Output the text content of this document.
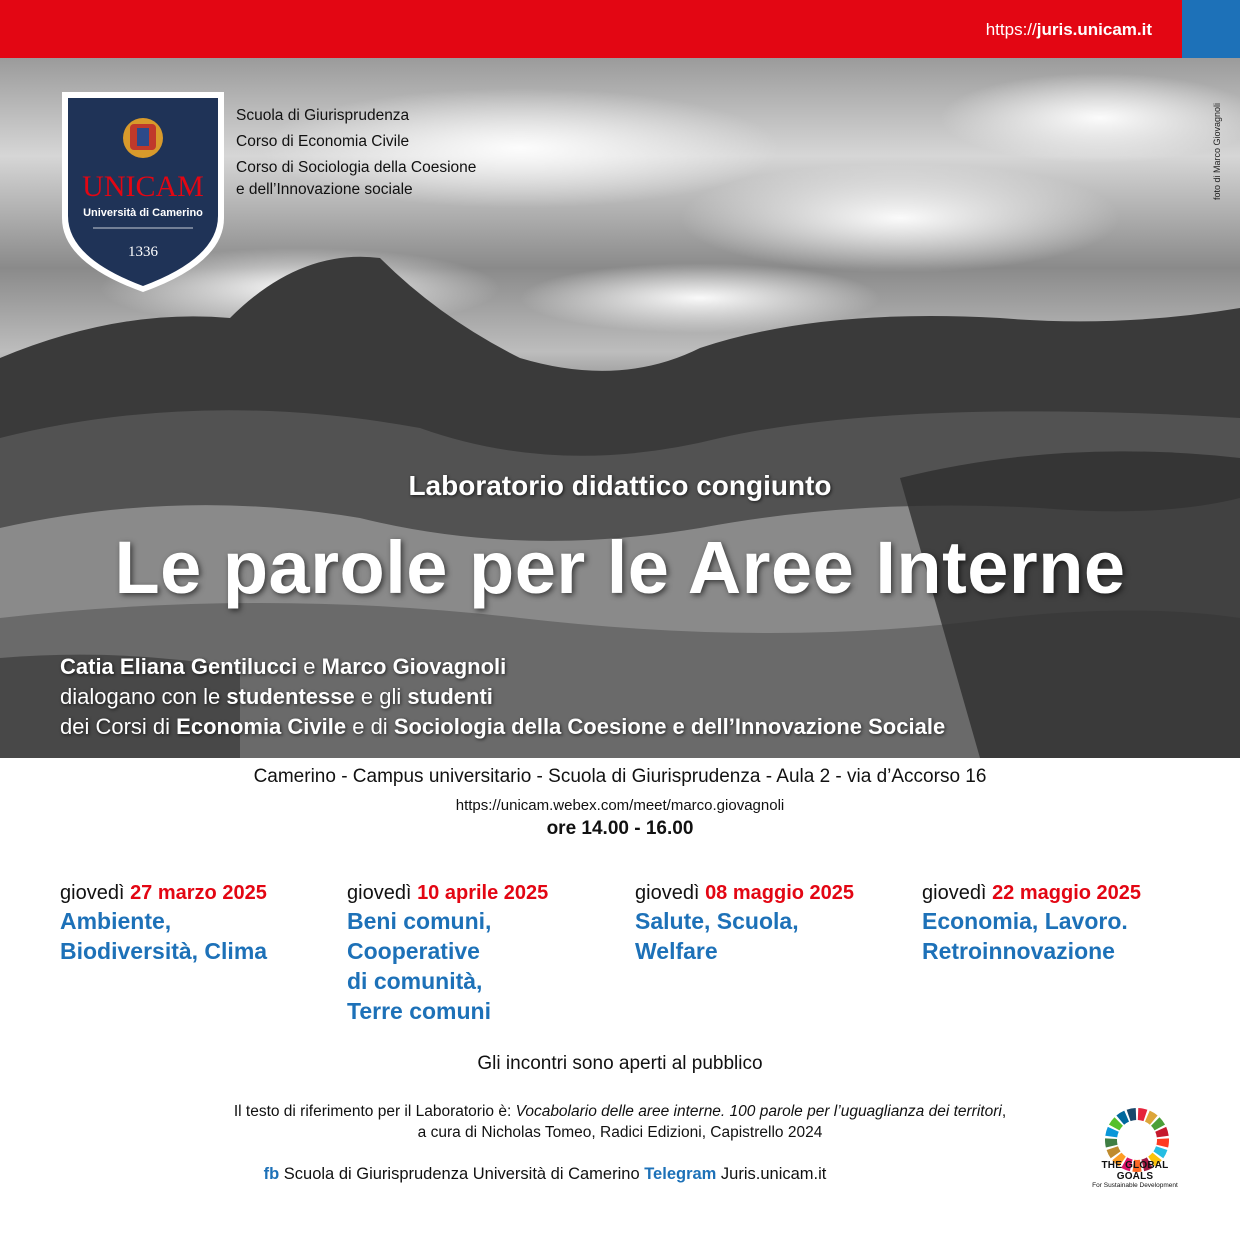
https://juris.unicam.it
UNICAM
Università di Camerino
1336
Scuola di Giurisprudenza
Corso di Economia Civile
Corso di Sociologia della Coesione
e dell’Innovazione sociale	foto di Marco Giovagnoli
Laboratorio didattico congiunto
Le parole per le Aree Interne
Catia Eliana Gentilucci e Marco Giovagnoli
dialogano con le studentesse e gli studenti
dei Corsi di Economia Civile e di Sociologia della Coesione e dell’Innovazione Sociale
Camerino - Campus universitario - Scuola di Giurisprudenza - Aula 2 - via d’Accorso 16
https://unicam.webex.com/meet/marco.giovagnoli
ore 14.00 - 16.00
giovedì 27 marzo 2025
Ambiente,
Biodiversità, Clima
giovedì 10 aprile 2025
Beni comuni,
Cooperative
di comunità,
Terre comuni
giovedì 08 maggio 2025
Salute, Scuola,
Welfare
giovedì 22 maggio 2025
Economia, Lavoro.
Retroinnovazione
Gli incontri sono aperti al pubblico
Il testo di riferimento per il Laboratorio è: Vocabolario delle aree interne. 100 parole per l’uguaglianza dei territori,
a cura di Nicholas Tomeo, Radici Edizioni, Capistrello 2024
fb Scuola di Giurisprudenza Università di Camerino Telegram Juris.unicam.it	THE GLOBAL GOALS
For Sustainable Development
